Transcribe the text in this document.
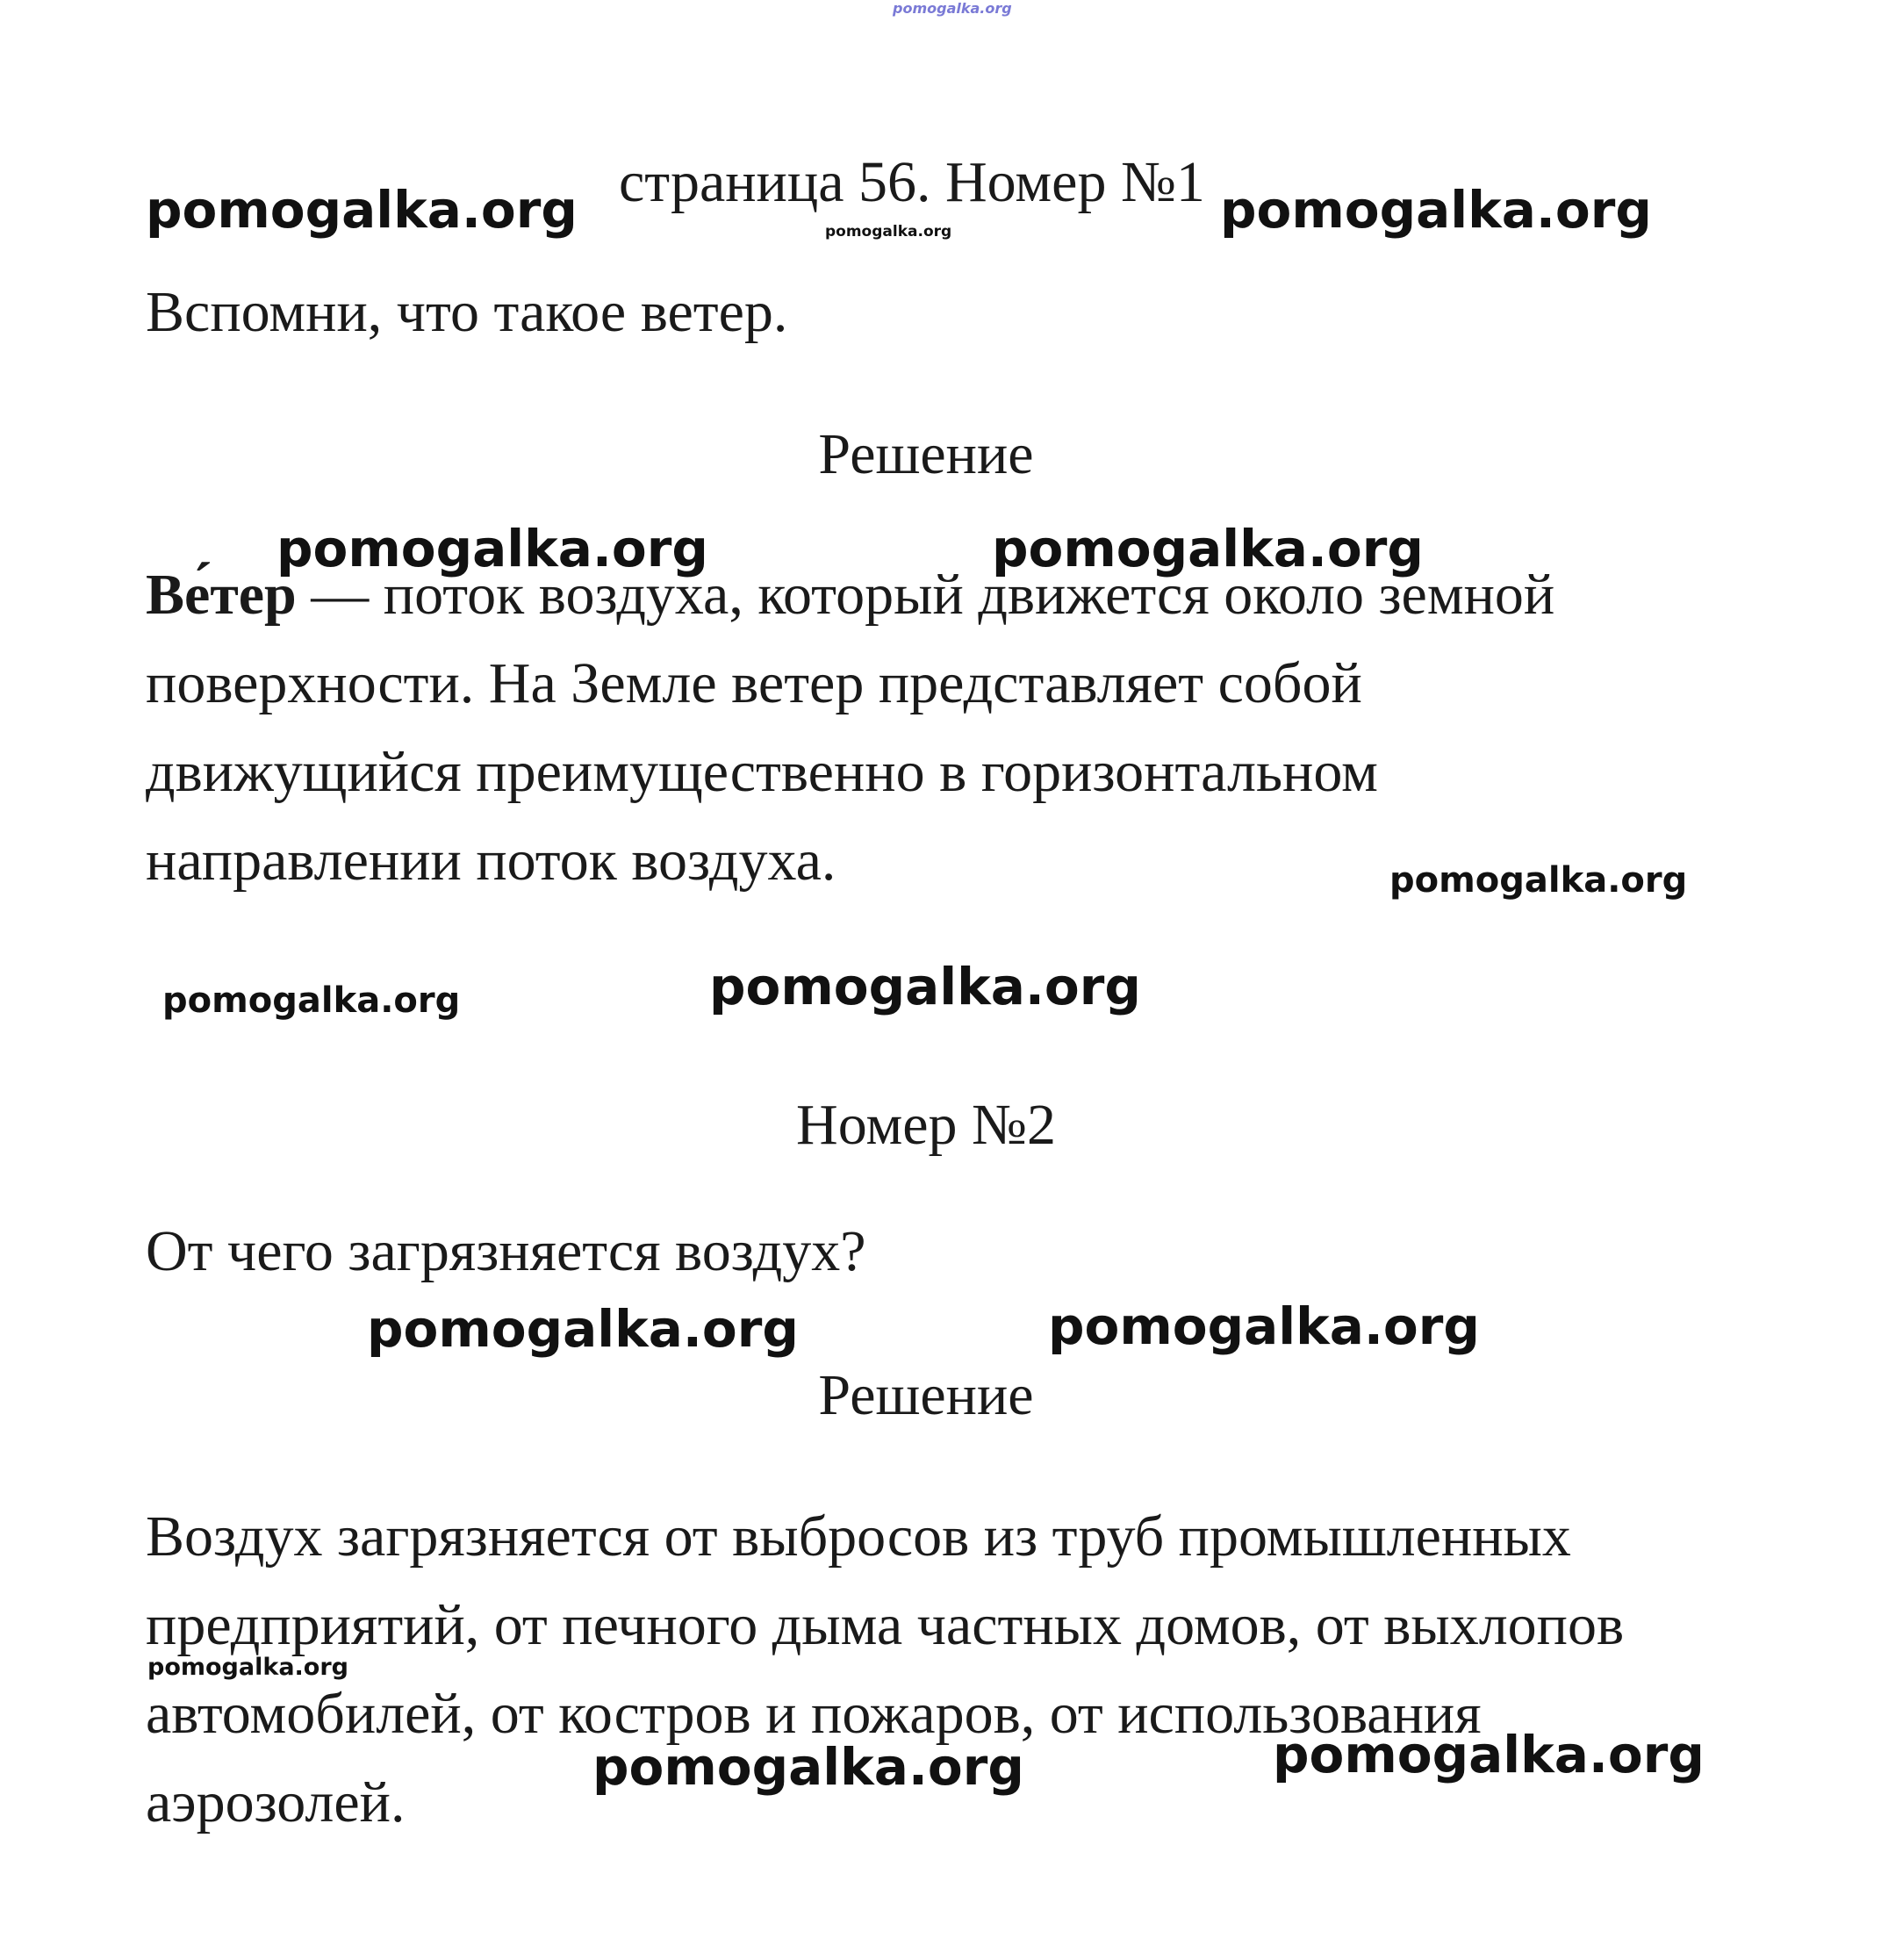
pomogalka.org
страница 56. Номер №1

Вспомни, что такое ветер.

Решение

Ве́тер — поток воздуха, который движется около земной
поверхности. На Земле ветер представляет собой
движущийся преимущественно в горизонтальном
направлении поток воздуха.
Номер №2

От чего загрязняется воздух?

Решение

Воздух загрязняется от выбросов из труб промышленных
предприятий, от печного дыма частных домов, от выхлопов
автомобилей, от костров и пожаров, от использования
аэрозолей.
pomogalka.org	pomogalka.org
pomogalka.org
pomogalka.org	pomogalka.org
pomogalka.org
pomogalka.org	pomogalka.org
pomogalka.org	pomogalka.org
pomogalka.org
pomogalka.org	pomogalka.org
